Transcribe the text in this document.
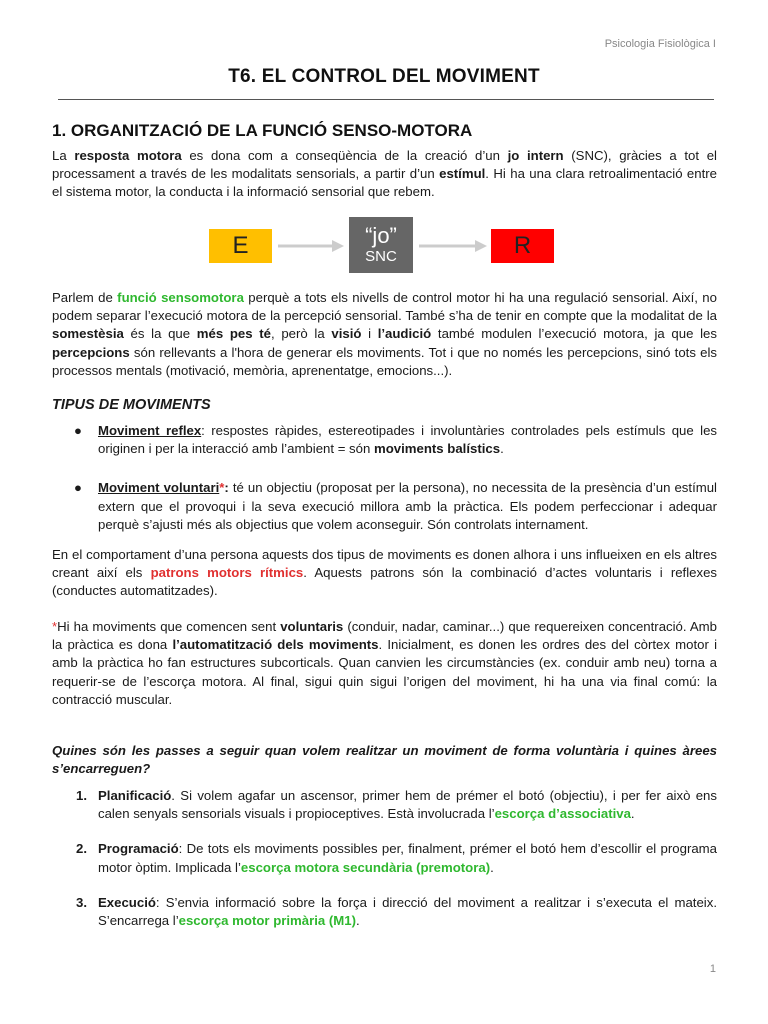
Psicologia Fisiològica I
T6. EL CONTROL DEL MOVIMENT
1. ORGANITZACIÓ DE LA FUNCIÓ SENSO-MOTORA

La resposta motora es dona com a conseqüència de la creació d’un jo intern (SNC), gràcies a tot el processament a través de les modalitats sensorials, a partir d’un estímul. Hi ha una clara retroalimentació entre el sistema motor, la conducta i la informació sensorial que rebem.

E	“jo”
SNC	R

Parlem de funció sensomotora perquè a tots els nivells de control motor hi ha una regulació sensorial. Així, no podem separar l’execució motora de la percepció sensorial. També s’ha de tenir en compte que la modalitat de la somestèsia és la que més pes té, però la visió i l’audició també modulen l’execució motora, ja que les percepcions són rellevants a l'hora de generar els moviments. Tot i que no només les percepcions, sinó tots els processos mentals (motivació, memòria, aprenentatge, emocions...).

TIPUS DE MOVIMENTS
● Moviment reflex: respostes ràpides, estereotipades i involuntàries controlades pels estímuls que les originen i per la interacció amb l’ambient = són moviments balístics.
● Moviment voluntari*: té un objectiu (proposat per la persona), no necessita de la presència d’un estímul extern que el provoqui i la seva execució millora amb la pràctica. Els podem perfeccionar i adequar perquè s’ajusti més als objectius que volem aconseguir. Són controlats internament.

En el comportament d’una persona aquests dos tipus de moviments es donen alhora i uns influeixen en els altres creant així els patrons motors rítmics. Aquests patrons són la combinació d’actes voluntaris i reflexes (conductes automatitzades).

*Hi ha moviments que comencen sent voluntaris (conduir, nadar, caminar...) que requereixen concentració. Amb la pràctica es dona l’automatització dels moviments. Inicialment, es donen les ordres des del còrtex motor i amb la pràctica ho fan estructures subcorticals. Quan canvien les circumstàncies (ex. conduir amb neu) torna a requerir-se de l’escorça motora. Al final, sigui quin sigui l’origen del moviment, hi ha una via final comú: la contracció muscular.

Quines són les passes a seguir quan volem realitzar un moviment de forma voluntària i quines àrees s’encarreguen?

1. Planificació. Si volem agafar un ascensor, primer hem de prémer el botó (objectiu), i per fer això ens calen senyals sensorials visuals i propioceptives. Està involucrada l’escorça d’associativa.
2. Programació: De tots els moviments possibles per, finalment, prémer el botó hem d’escollir el programa motor òptim. Implicada l’escorça motora secundària (premotora).
3. Execució: S’envia informació sobre la força i direcció del moviment a realitzar i s’executa el mateix. S’encarrega l’escorça motor primària (M1).
1
